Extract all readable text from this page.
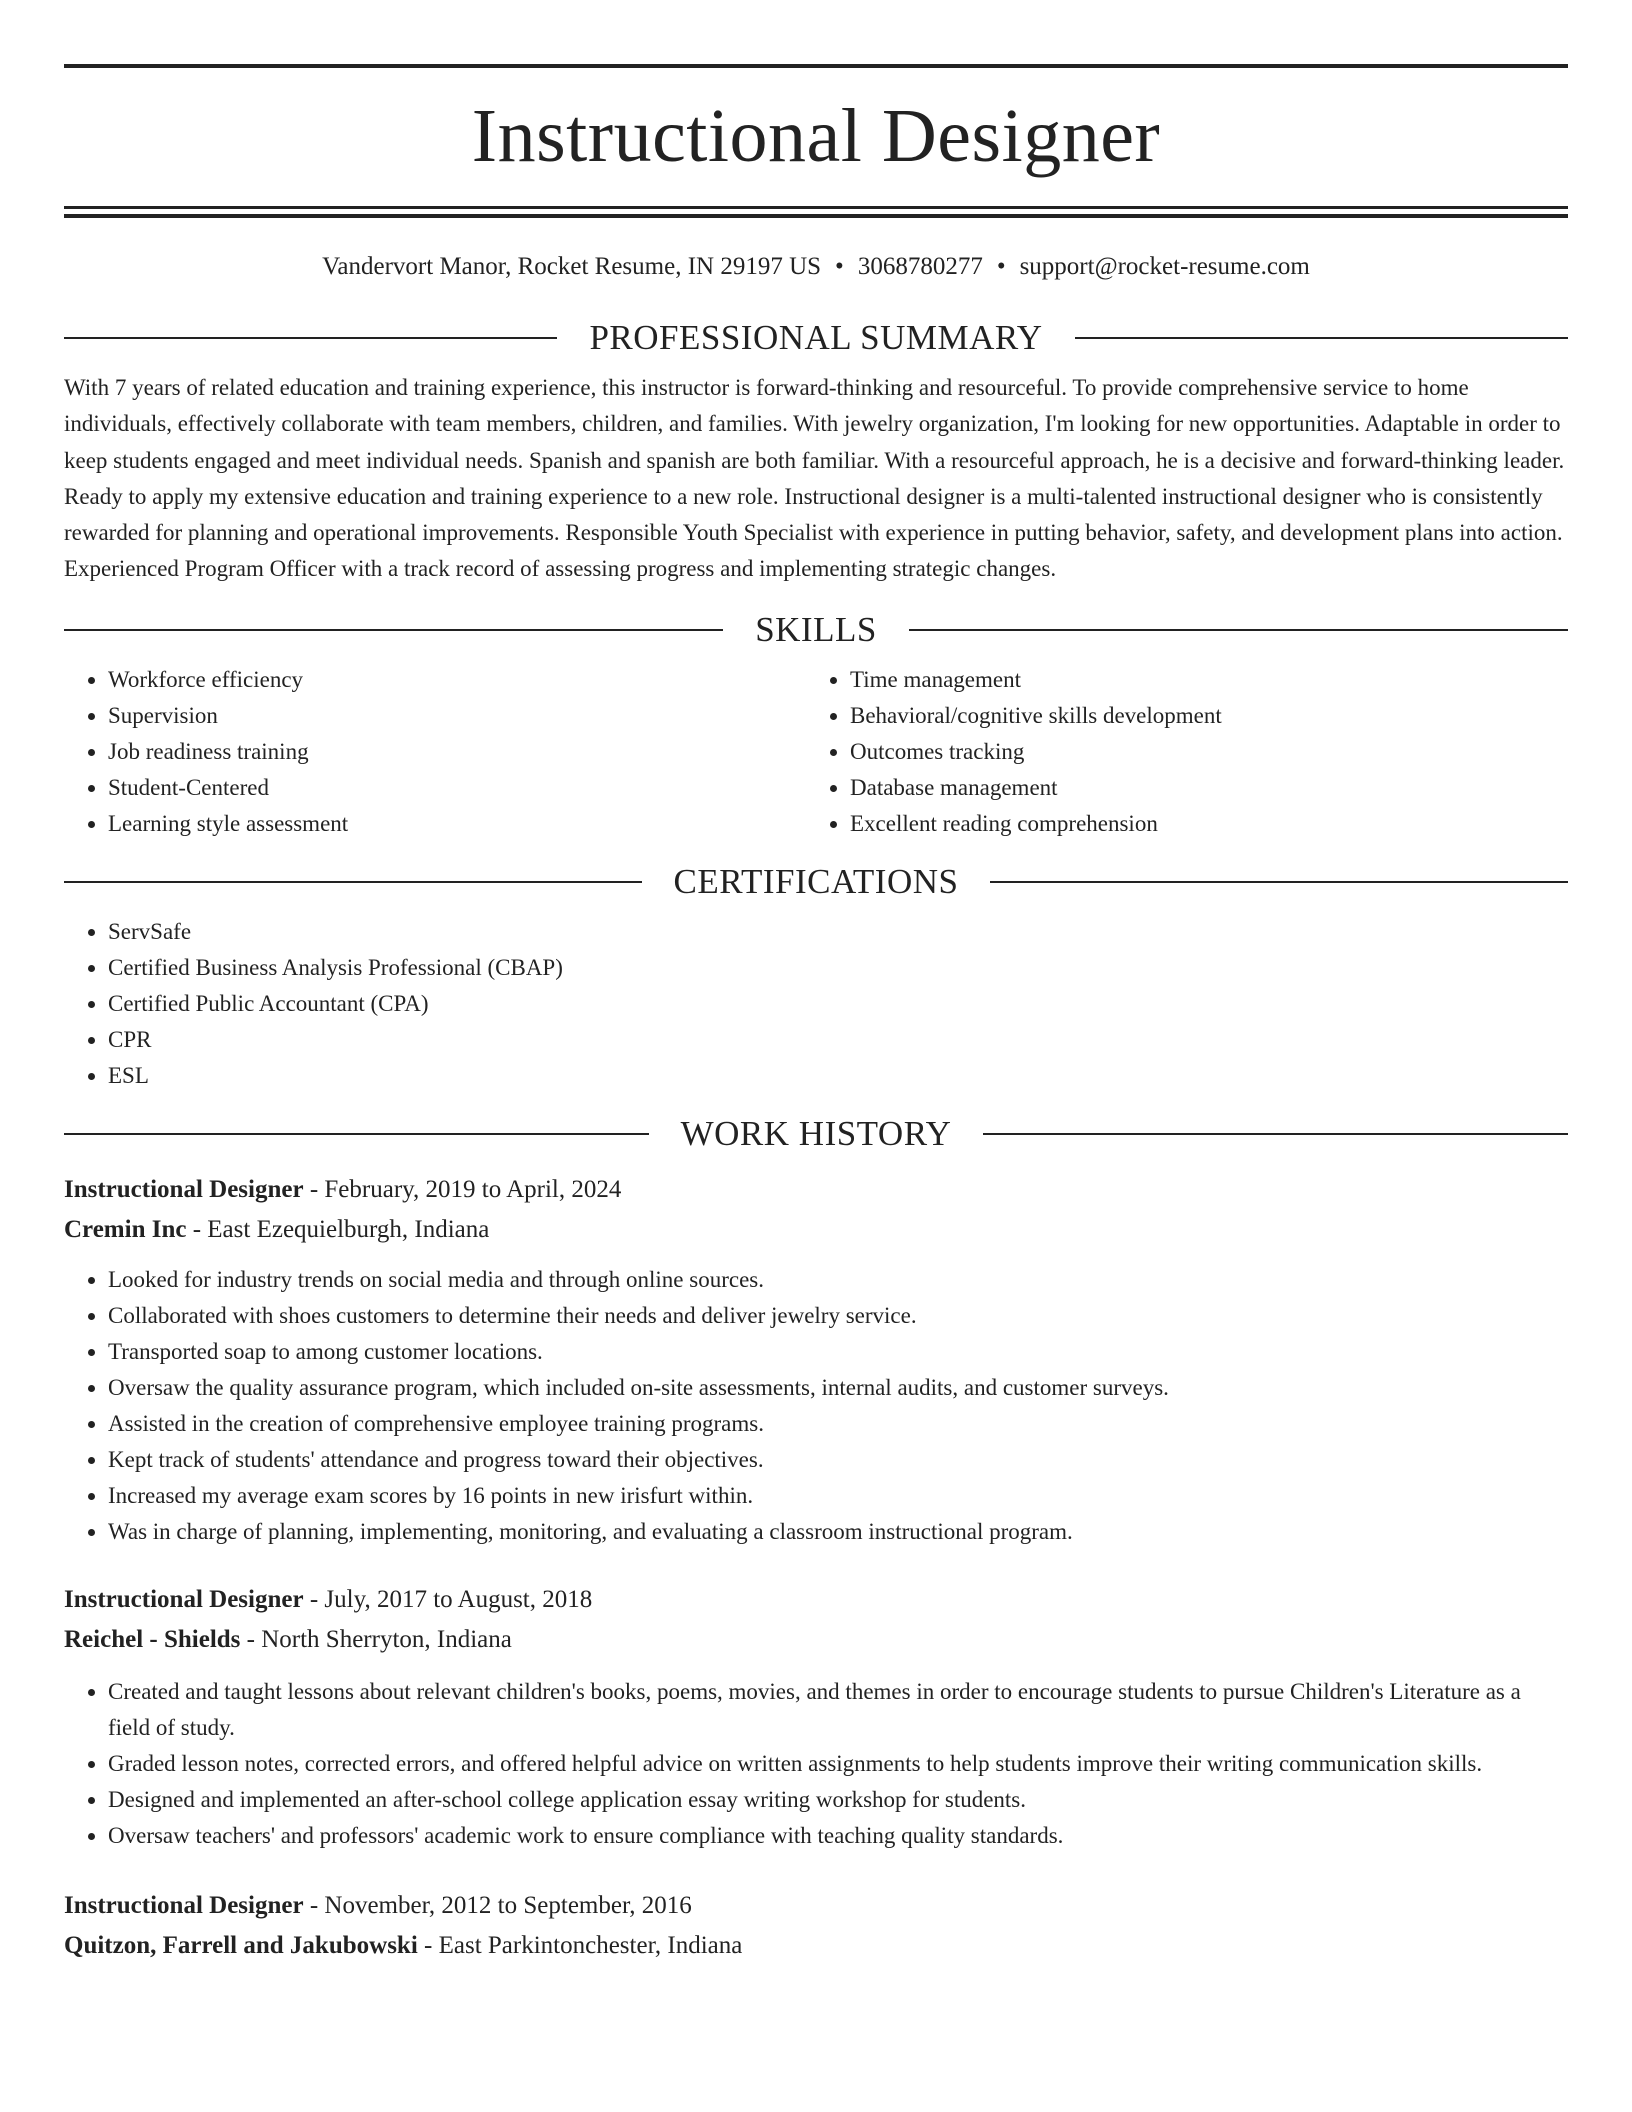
Instructional Designer
Vandervort Manor, Rocket Resume, IN 29197 US • 3068780277 • support@rocket-resume.com
PROFESSIONAL SUMMARY

With 7 years of related education and training experience, this instructor is forward-thinking and resourceful. To provide comprehensive service to home individuals, effectively collaborate with team members, children, and families. With jewelry organization, I'm looking for new opportunities. Adaptable in order to keep students engaged and meet individual needs. Spanish and spanish are both familiar. With a resourceful approach, he is a decisive and forward-thinking leader. Ready to apply my extensive education and training experience to a new role. Instructional designer is a multi-talented instructional designer who is consistently rewarded for planning and operational improvements. Responsible Youth Specialist with experience in putting behavior, safety, and development plans into action. Experienced Program Officer with a track record of assessing progress and implementing strategic changes.

SKILLS
• Workforce efficiency
• Supervision
• Job readiness training
• Student-Centered
• Learning style assessment
• Time management
• Behavioral/cognitive skills development
• Outcomes tracking
• Database management
• Excellent reading comprehension
CERTIFICATIONS
• ServSafe
• Certified Business Analysis Professional (CBAP)
• Certified Public Accountant (CPA)
• CPR
• ESL
WORK HISTORY
Instructional Designer - February, 2019 to April, 2024
Cremin Inc - East Ezequielburgh, Indiana
• Looked for industry trends on social media and through online sources.
• Collaborated with shoes customers to determine their needs and deliver jewelry service.
• Transported soap to among customer locations.
• Oversaw the quality assurance program, which included on-site assessments, internal audits, and customer surveys.
• Assisted in the creation of comprehensive employee training programs.
• Kept track of students' attendance and progress toward their objectives.
• Increased my average exam scores by 16 points in new irisfurt within.
• Was in charge of planning, implementing, monitoring, and evaluating a classroom instructional program.
Instructional Designer - July, 2017 to August, 2018
Reichel - Shields - North Sherryton, Indiana
• Created and taught lessons about relevant children's books, poems, movies, and themes in order to encourage students to pursue Children's Literature as a field of study.
• Graded lesson notes, corrected errors, and offered helpful advice on written assignments to help students improve their writing communication skills.
• Designed and implemented an after-school college application essay writing workshop for students.
• Oversaw teachers' and professors' academic work to ensure compliance with teaching quality standards.
Instructional Designer - November, 2012 to September, 2016
Quitzon, Farrell and Jakubowski - East Parkintonchester, Indiana
